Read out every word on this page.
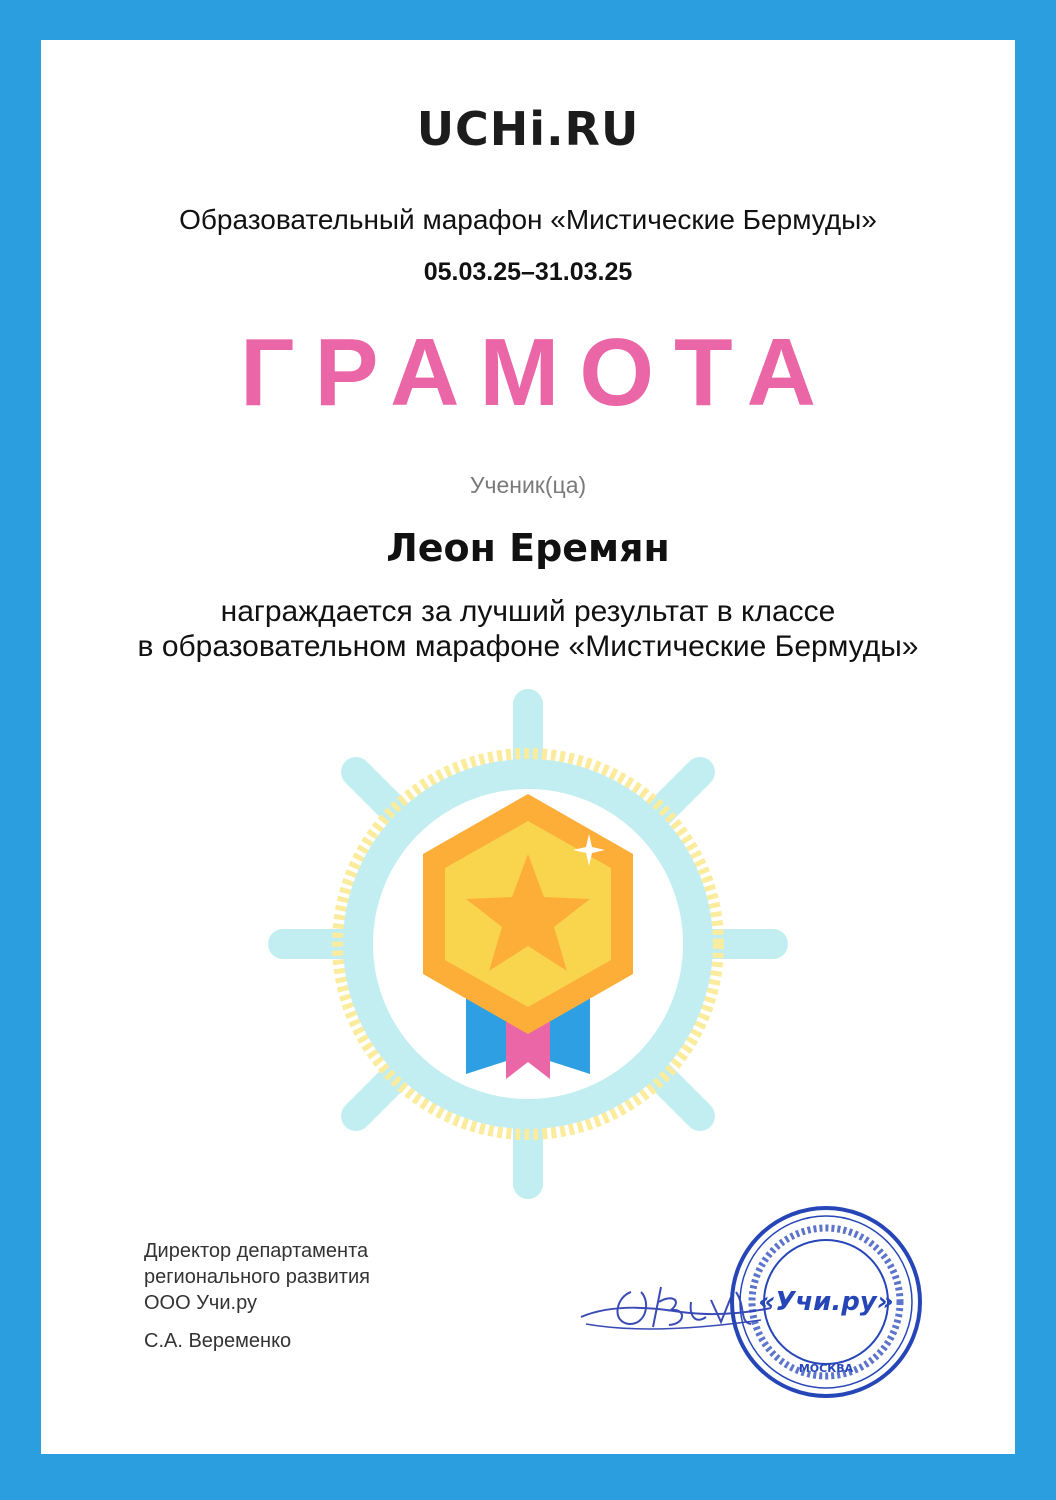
UCHi.RU
Образовательный марафон «Мистические Бермуды»
05.03.25–31.03.25
ГРАМОТА
Ученик(ца)
Леон Еремян
награждается за лучший результат в классе
в образовательном марафоне «Мистические Бермуды»
Директор департамента
регионального развития
ООО Учи.ру
С.А. Веременко
«Учи.ру»
МОСКВА
